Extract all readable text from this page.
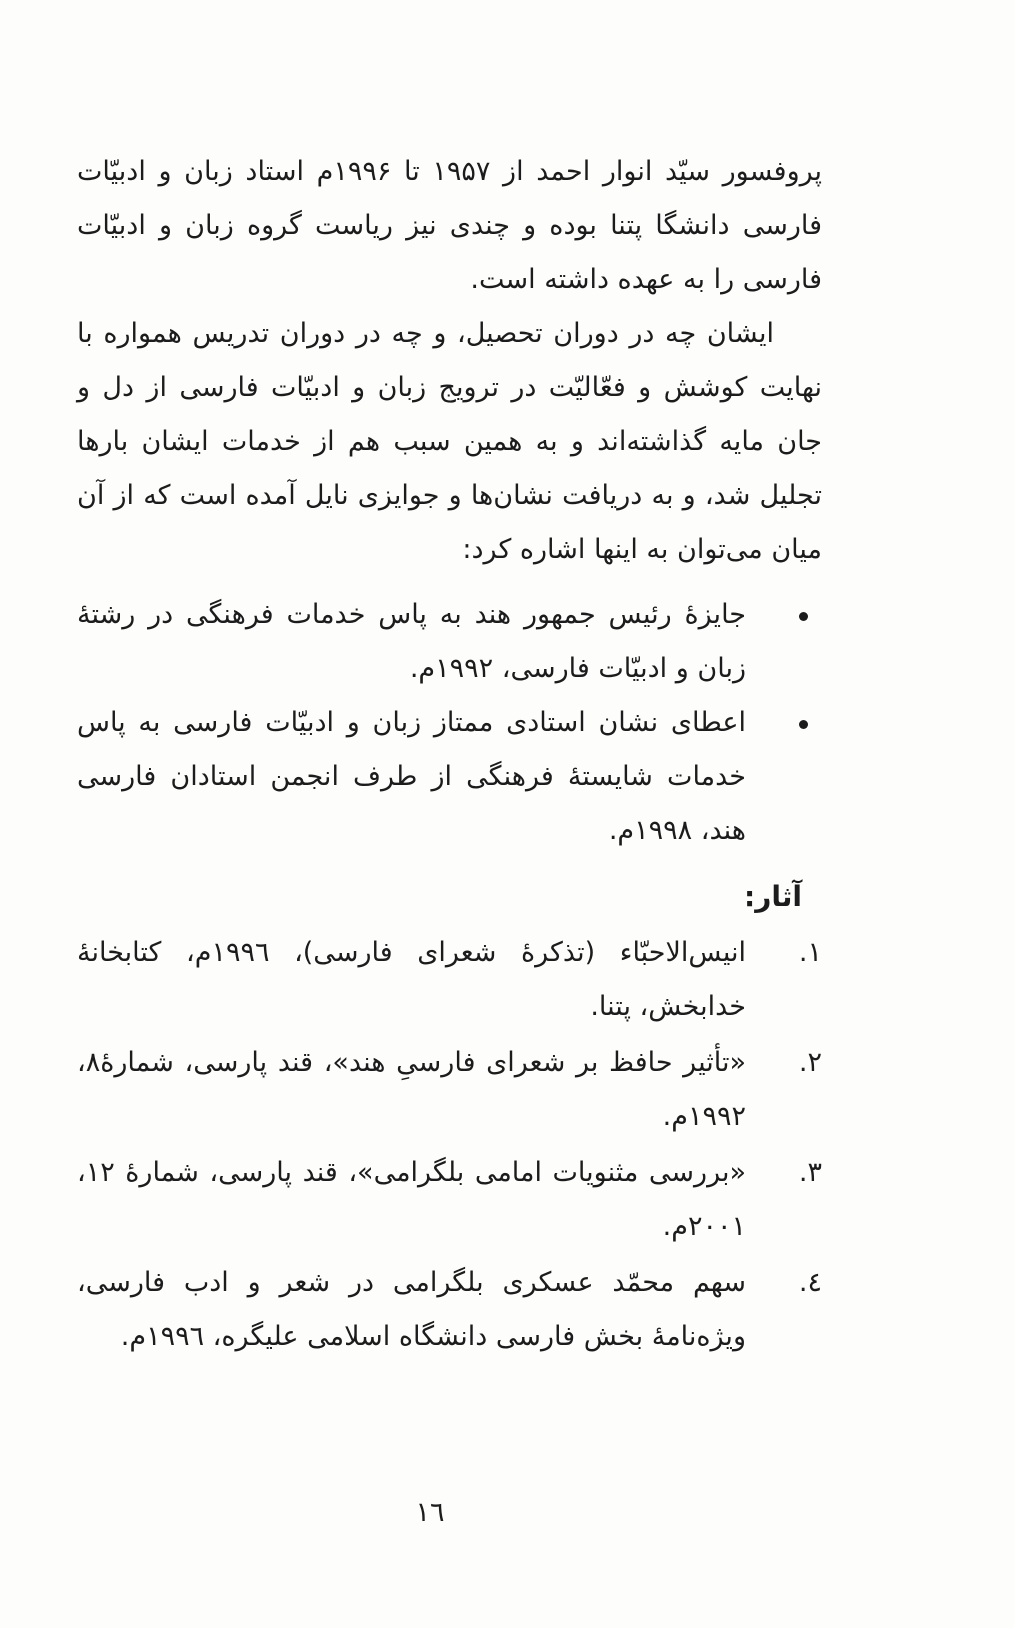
پروفسور سیّد انوار احمد از ۱۹۵۷ تا ۱۹۹۶م استاد زبان و ادبیّات فارسی دانشگا پتنا بوده و چندی نیز ریاست گروه زبان و ادبیّات فارسی را به عهده داشته است.

ایشان چه در دوران تحصیل، و چه در دوران تدریس همواره با نهایت کوشش و فعّالیّت در ترویج زبان و ادبیّات فارسی از دل و جان مایه گذاشته‌اند و به همین سبب هم از خدمات ایشان بارها تجلیل شد، و به دریافت نشان‌ها و جوایزی نایل آمده است که از آن میان می‌توان به اینها اشاره کرد:

جایزهٔ رئیس جمهور هند به پاس خدمات فرهنگی در رشتهٔ زبان و ادبیّات فارسی، ۱۹۹۲م.
اعطای نشان استادی ممتاز زبان و ادبیّات فارسی به پاس خدمات شایستهٔ فرهنگی از طرف انجمن استادان فارسی هند، ۱۹۹۸م.
آثار:
۱.
انیس‌الاحبّاء (تذکرهٔ شعرای فارسی)، ۱۹۹٦م، کتابخانهٔ خدابخش، پتنا.
۲.
«تأثیر حافظ بر شعرای فارسیِ هند»، قند پارسی، شمارهٔ۸، ۱۹۹۲م.
۳.
«بررسی مثنویات امامی بلگرامی»، قند پارسی، شمارهٔ ۱۲، ۲۰۰۱م.
٤.
سهم محمّد عسکری بلگرامی در شعر و ادب فارسی، ویژه‌نامهٔ بخش فارسی دانشگاه اسلامی علیگره، ۱۹۹٦م.
١٦
